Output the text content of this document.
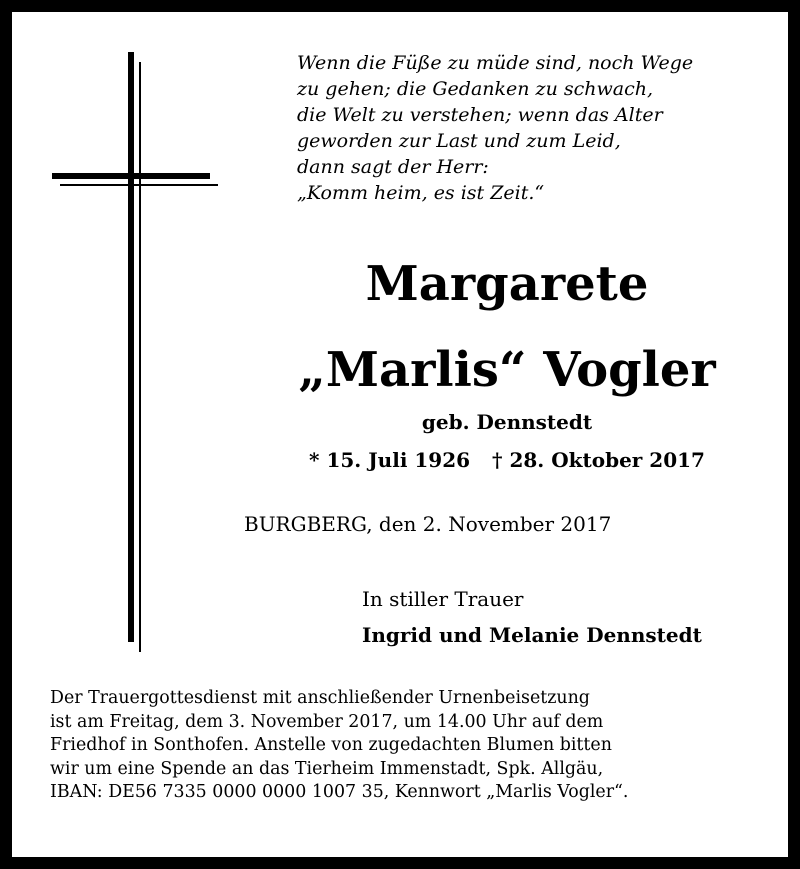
Wenn die Füße zu müde sind, noch Wege
zu gehen; die Gedanken zu schwach,
die Welt zu verstehen; wenn das Alter
geworden zur Last und zum Leid,
dann sagt der Herr:
„Komm heim, es ist Zeit.“
Margarete
„Marlis“ Vogler
geb. Dennstedt
* 15. Juli 1926 † 28. Oktober 2017
BURGBERG, den 2. November 2017
In stiller Trauer
Ingrid und Melanie Dennstedt
Der Trauergottesdienst mit anschließender Urnenbeisetzung
ist am Freitag, dem 3. November 2017, um 14.00 Uhr auf dem
Friedhof in Sonthofen. Anstelle von zugedachten Blumen bitten
wir um eine Spende an das Tierheim Immenstadt, Spk. Allgäu,
IBAN: DE56 7335 0000 0000 1007 35, Kennwort „Marlis Vogler“.
